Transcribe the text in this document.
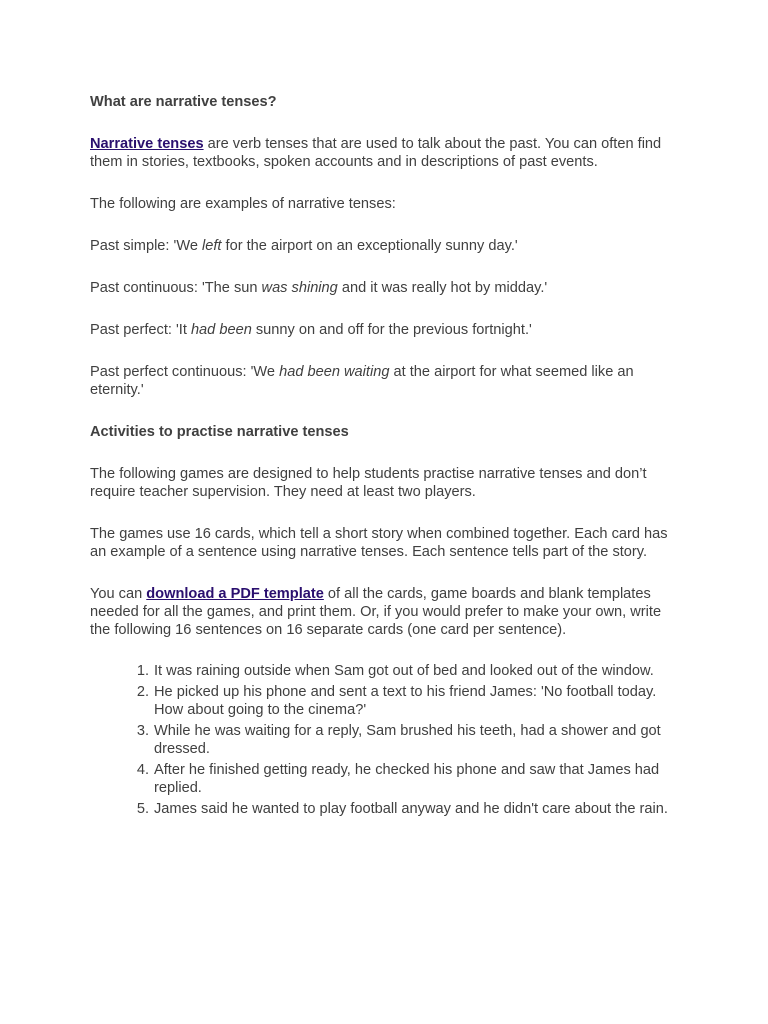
What are narrative tenses?

Narrative tenses are verb tenses that are used to talk about the past. You can often find them in stories, textbooks, spoken accounts and in descriptions of past events.

The following are examples of narrative tenses:

Past simple: 'We left for the airport on an exceptionally sunny day.'

Past continuous: 'The sun was shining and it was really hot by midday.'

Past perfect: 'It had been sunny on and off for the previous fortnight.'

Past perfect continuous: 'We had been waiting at the airport for what seemed like an eternity.'

Activities to practise narrative tenses

The following games are designed to help students practise narrative tenses and don’t require teacher supervision. They need at least two players.

The games use 16 cards, which tell a short story when combined together. Each card has an example of a sentence using narrative tenses. Each sentence tells part of the story.

You can download a PDF template of all the cards, game boards and blank templates needed for all the games, and print them. Or, if you would prefer to make your own, write the following 16 sentences on 16 separate cards (one card per sentence).

1. It was raining outside when Sam got out of bed and looked out of the window.
2. He picked up his phone and sent a text to his friend James: 'No football today. How about going to the cinema?'
3. While he was waiting for a reply, Sam brushed his teeth, had a shower and got dressed.
4. After he finished getting ready, he checked his phone and saw that James had replied.
5. James said he wanted to play football anyway and he didn't care about the rain.
